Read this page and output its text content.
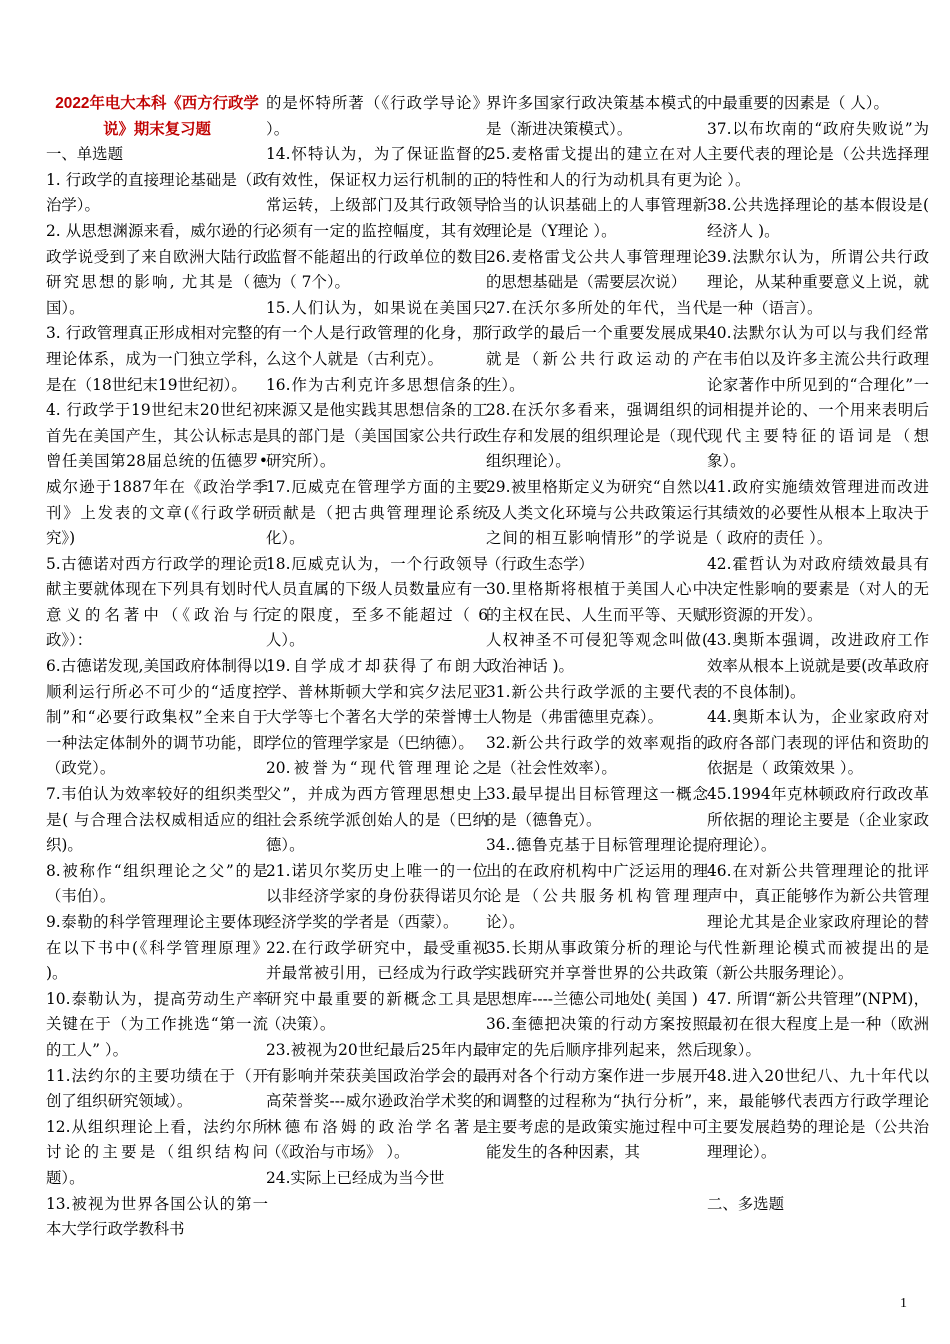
2022年电大本科《西方行政学说》期末复习题

一、单选题

1. 行政学的直接理论基础是（政治学）。

2. 从思想渊源来看，威尔逊的行政学说受到了来自欧洲大陆行政研究思想的影响, 尤其是（德国）。

3. 行政管理真正形成相对完整的理论体系，成为一门独立学科，是在（18世纪末19世纪初）。

4. 行政学于19世纪末20世纪初首先在美国产生，其公认标志是曾任美国第28届总统的伍德罗•威尔逊于1887年在《政治学季刊》上发表的文章(《行政学研究》)

5.古德诺对西方行政学的理论贡献主要就体现在下列具有划时代意义的名著中（《政治与行政》）：

6.古德诺发现,美国政府体制得以顺利运行所必不可少的“适度控制”和“必要行政集权”全来自于一种法定体制外的调节功能，即（政党）。

7.韦伯认为效率较好的组织类型是( 与合理合法权威相适应的组织)。

8.被称作“组织理论之父”的是（韦伯）。

9.泰勒的科学管理理论主要体现在以下书中(《科学管理原理》 )。

10.泰勒认为，提高劳动生产率关键在于（为工作挑选“第一流的工人” ）。

11.法约尔的主要功绩在于（开创了组织研究领域）。

12.从组织理论上看，法约尔所讨论的主要是（组织结构问题）。

13.被视为世界各国公认的第一本大学行政学教科书

的是怀特所著（《行政学导论》 ）。

14.怀特认为，为了保证监督的有效性，保证权力运行机制的正常运转，上级部门及其行政领导必须有一定的监控幅度，其有效监督不能超出的行政单位的数目为（ 7个）。

15.人们认为，如果说在美国只有一个人是行政管理的化身，那么这个人就是（古利克）。

16.作为古利克许多思想信条的来源又是他实践其思想信条的工具的部门是（美国国家公共行政研究所）。

17.厄威克在管理学方面的主要贡献是（把古典管理理论系统化）。

18.厄威克认为，一个行政领导人员直属的下级人员数量应有一定的限度，至多不能超过（ 6人）。

19.自学成才却获得了布朗大学、普林斯顿大学和宾夕法尼亚大学等七个著名大学的荣誉博士学位的管理学家是（巴纳德）。

20.被誉为“现代管理理论之父”，并成为西方管理思想史上社会系统学派创始人的是（巴纳德）。

21.诺贝尔奖历史上唯一的一位以非经济学家的身份获得诺贝尔经济学奖的学者是（西蒙）。

22.在行政学研究中，最受重视并最常被引用，已经成为行政学研究中最重要的新概念工具是（决策）。

23.被视为20世纪最后25年内最有影响并荣获美国政治学会的最高荣誉奖---威尔逊政治学术奖的林德布洛姆的政治学名著是（《政治与市场》 ）。

24.实际上已经成为当今世

界许多国家行政决策基本模式的是（渐进决策模式）。

25.麦格雷戈提出的建立在对人的特性和人的行为动机具有更为恰当的认识基础上的人事管理新理论是（Y理论 ）。

26.麦格雷戈公共人事管理理论的思想基础是（需要层次说）

27.在沃尔多所处的年代，当代行政学的最后一个重要发展成果就是（新公共行政运动的产生）。

28.在沃尔多看来，强调组织的生存和发展的组织理论是（现代组织理论）。

29.被里格斯定义为研究“自然以及人类文化环境与公共政策运行之间的相互影响情形”的学说是（行政生态学）

30.里格斯将根植于美国人心中的主权在民、人生而平等、天赋人权神圣不可侵犯等观念叫做( 政治神话 )。

31.新公共行政学派的主要代表人物是（弗雷德里克森）。

32.新公共行政学的效率观指的是（社会性效率）。

33.最早提出目标管理这一概念的是（德鲁克）。

34..德鲁克基于目标管理理论提出的在政府机构中广泛运用的理论是（公共服务机构管理理论）。

35.长期从事政策分析的理论与实践研究并享誉世界的公共政策思想库----兰德公司地处( 美国 )

36.奎德把决策的行动方案按照审定的先后顺序排列起来，然后再对各个行动方案作进一步展开和调整的过程称为“执行分析”，主要考虑的是政策实施过程中可能发生的各种因素，其

中最重要的因素是（ 人）。

37.以布坎南的“政府失败说”为主要代表的理论是（公共选择理论 ）。

38.公共选择理论的基本假设是( 经济人 )。

39.法默尔认为，所谓公共行政理论，从某种重要意义上说，就是一种（语言）。

40.法默尔认为可以与我们经常在韦伯以及许多主流公共行政理论家著作中所见到的“合理化”一词相提并论的、一个用来表明后现代主要特征的语词是（想象）。

41.政府实施绩效管理进而改进其绩效的必要性从根本上取决于（ 政府的责任 ）。

42.霍哲认为对政府绩效最具有决定性影响的要素是（对人的无形资源的开发）。

43.奥斯本强调，改进政府工作效率从根本上说就是要(改革政府的不良体制)。

44.奥斯本认为，企业家政府对政府各部门表现的评估和资助的依据是（ 政策效果 ）。

45.1994年克林顿政府行政改革所依据的理论主要是（企业家政府理论）。

46.在对新公共管理理论的批评声中，真正能够作为新公共管理理论尤其是企业家政府理论的替代性新理论模式而被提出的是（新公共服务理论）。

47. 所谓“新公共管理”(NPM)，最初在很大程度上是一种（欧洲现象）。

48.进入20世纪八、九十年代以来，最能够代表西方行政学理论主要发展趋势的理论是（公共治理理论）。

二、多选题

1
